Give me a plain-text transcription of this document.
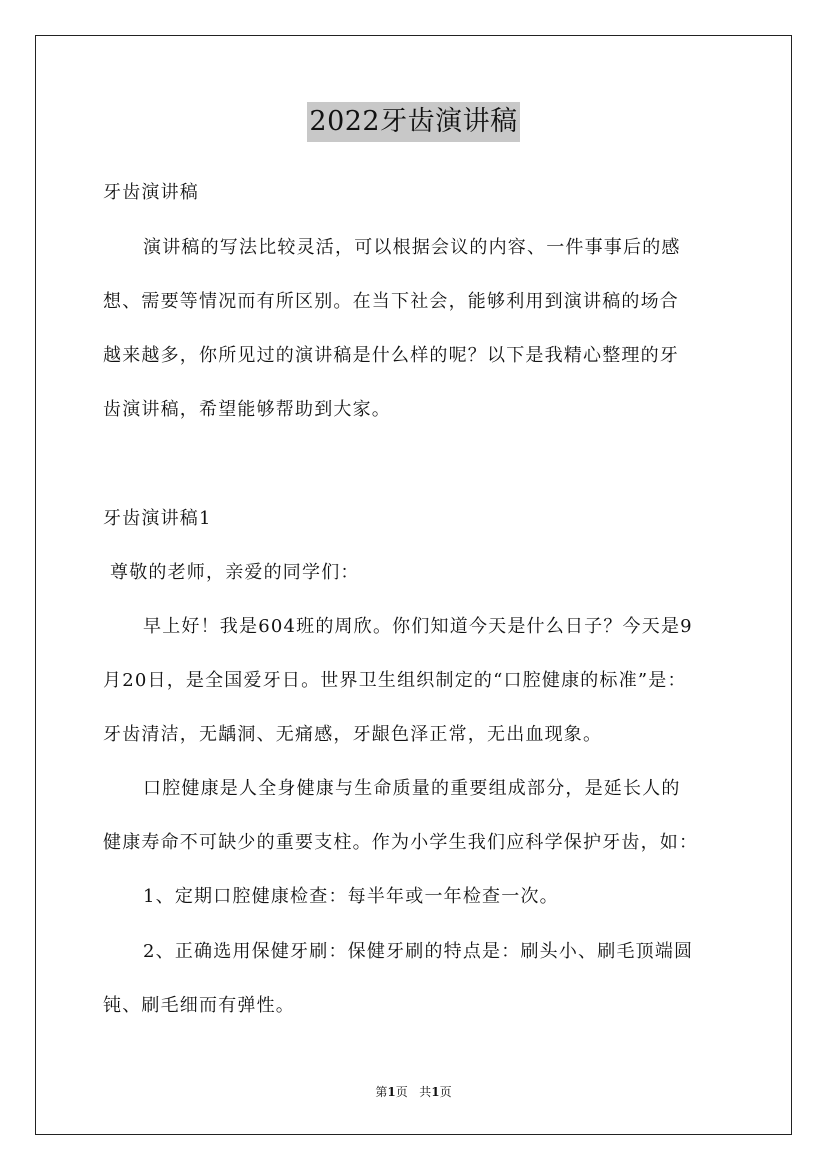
2022牙齿演讲稿
牙齿演讲稿
演讲稿的写法比较灵活，可以根据会议的内容、一件事事后的感
想、需要等情况而有所区别。在当下社会，能够利用到演讲稿的场合
越来越多，你所见过的演讲稿是什么样的呢？以下是我精心整理的牙
齿演讲稿，希望能够帮助到大家。
牙齿演讲稿1
尊敬的老师，亲爱的同学们：
早上好！我是604班的周欣。你们知道今天是什么日子？今天是9
月20日，是全国爱牙日。世界卫生组织制定的“口腔健康的标准”是：
牙齿清洁，无龋洞、无痛感，牙龈色泽正常，无出血现象。
口腔健康是人全身健康与生命质量的重要组成部分，是延长人的
健康寿命不可缺少的重要支柱。作为小学生我们应科学保护牙齿，如：
1、定期口腔健康检查：每半年或一年检查一次。
2、正确选用保健牙刷：保健牙刷的特点是：刷头小、刷毛顶端圆
钝、刷毛细而有弹性。
第1页   共1页
